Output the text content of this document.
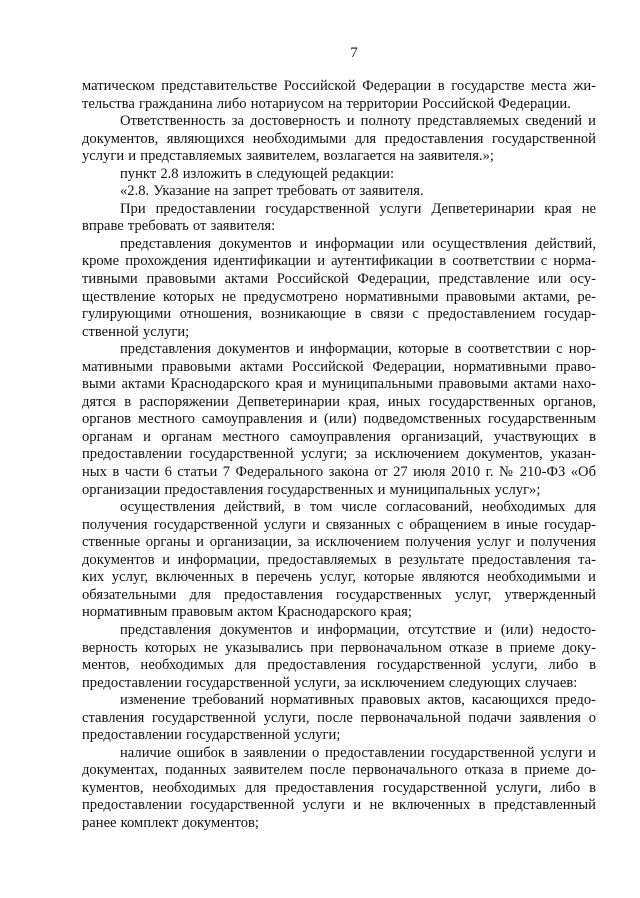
7

матическом представительстве Российской Федерации в государстве места жи-
тельства гражданина либо нотариусом на территории Российской Федерации.

Ответственность за достоверность и полноту представляемых сведений и
документов, являющихся необходимыми для предоставления государственной
услуги и представляемых заявителем, возлагается на заявителя.»;

пункт 2.8 изложить в следующей редакции:

«2.8. Указание на запрет требовать от заявителя.

При предоставлении государственной услуги Депветеринарии края не
вправе требовать от заявителя:

представления документов и информации или осуществления действий,
кроме прохождения идентификации и аутентификации в соответствии с норма-
тивными правовыми актами Российской Федерации, представление или осу-
ществление которых не предусмотрено нормативными правовыми актами, ре-
гулирующими отношения, возникающие в связи с предоставлением государ-
ственной услуги;

представления документов и информации, которые в соответствии с нор-
мативными правовыми актами Российской Федерации, нормативными право-
выми актами Краснодарского края и муниципальными правовыми актами нахо-
дятся в распоряжении Депветеринарии края, иных государственных органов,
органов местного самоуправления и (или) подведомственных государственным
органам и органам местного самоуправления организаций, участвующих в
предоставлении государственной услуги; за исключением документов, указан-
ных в части 6 статьи 7 Федерального закона от 27 июля 2010 г. № 210-ФЗ «Об
организации предоставления государственных и муниципальных услуг»;

осуществления действий, в том числе согласований, необходимых для
получения государственной услуги и связанных с обращением в иные государ-
ственные органы и организации, за исключением получения услуг и получения
документов и информации, предоставляемых в результате предоставления та-
ких услуг, включенных в перечень услуг, которые являются необходимыми и
обязательными для предоставления государственных услуг, утвержденный
нормативным правовым актом Краснодарского края;

представления документов и информации, отсутствие и (или) недосто-
верность которых не указывались при первоначальном отказе в приеме доку-
ментов, необходимых для предоставления государственной услуги, либо в
предоставлении государственной услуги, за исключением следующих случаев:

изменение требований нормативных правовых актов, касающихся предо-
ставления государственной услуги, после первоначальной подачи заявления о
предоставлении государственной услуги;

наличие ошибок в заявлении о предоставлении государственной услуги и
документах, поданных заявителем после первоначального отказа в приеме до-
кументов, необходимых для предоставления государственной услуги, либо в
предоставлении государственной услуги и не включенных в представленный
ранее комплект документов;
